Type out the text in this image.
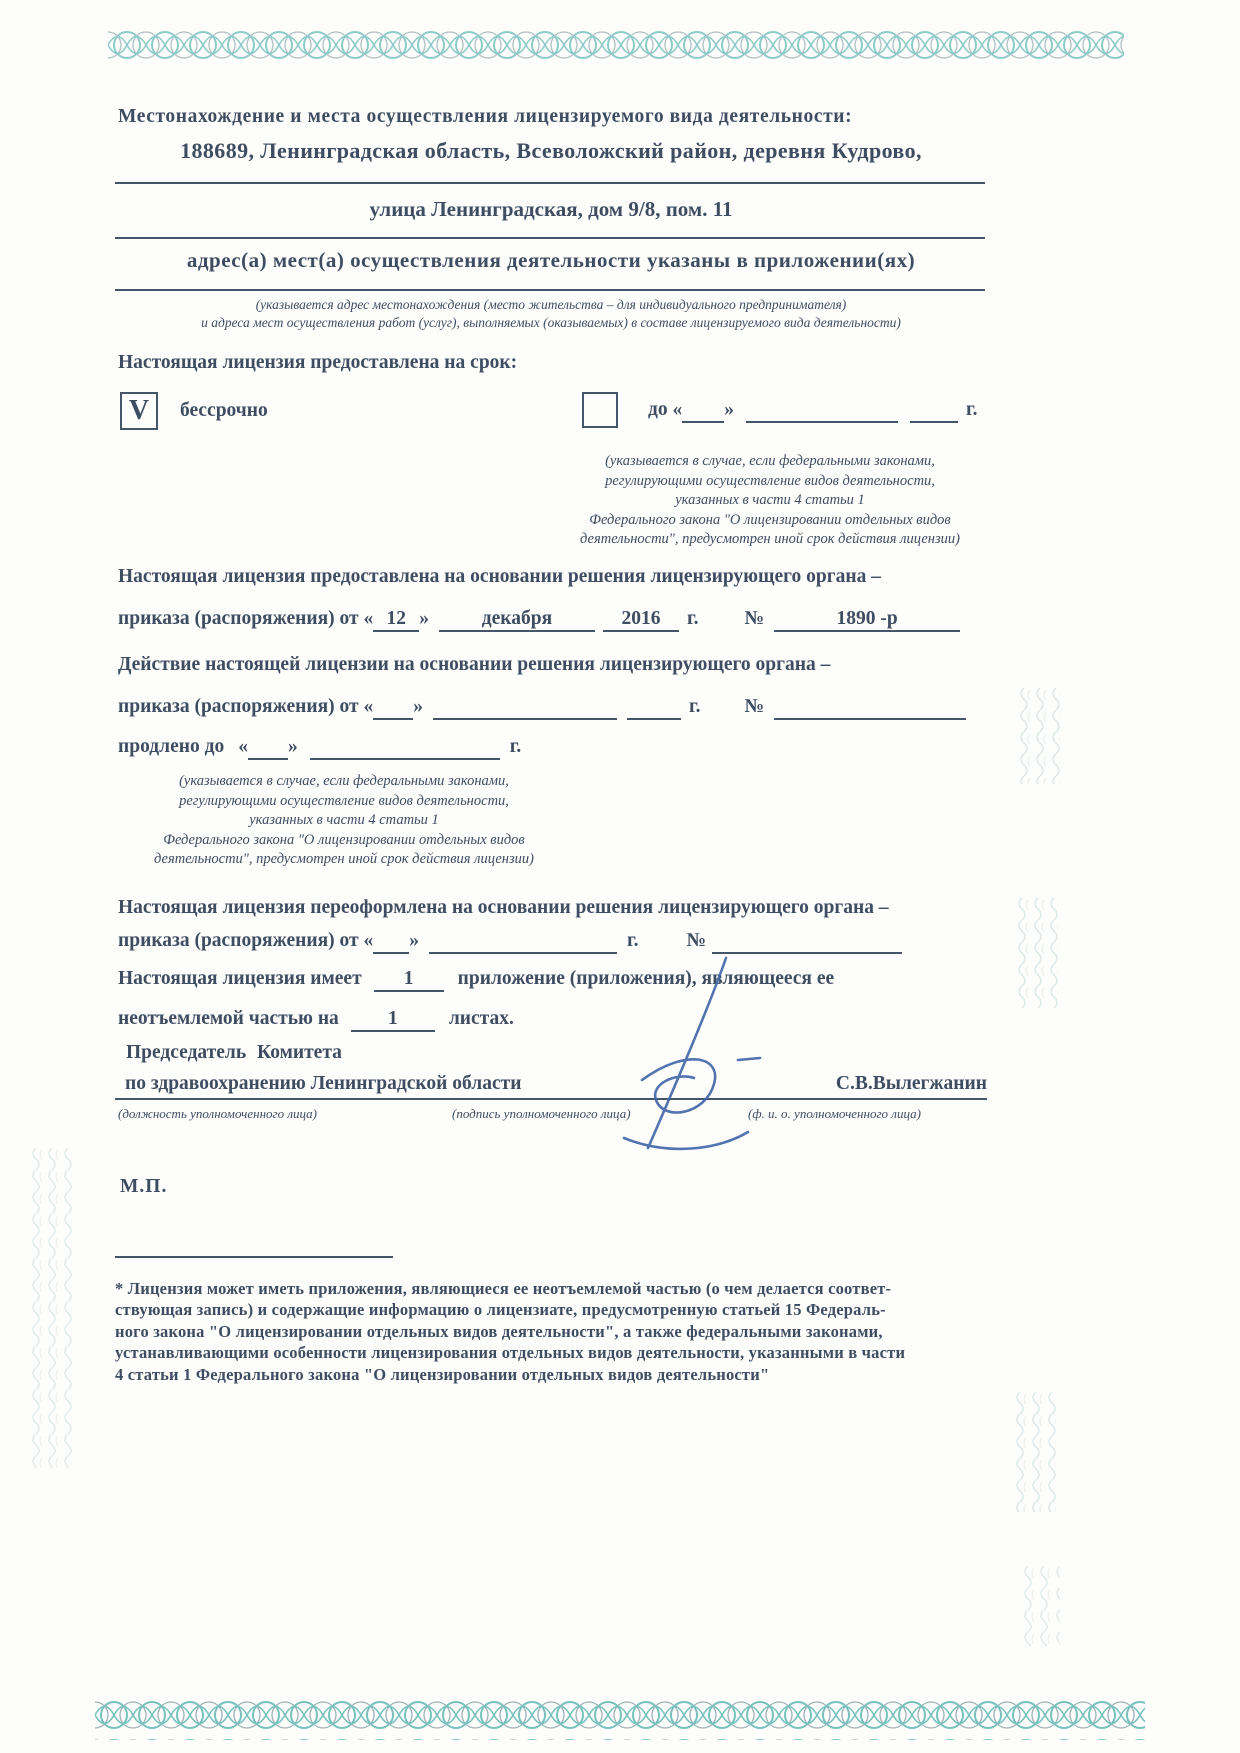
Местонахождение и места осуществления лицензируемого вида деятельности:
188689, Ленинградская область, Всеволожский район, деревня Кудрово,
улица Ленинградская, дом 9/8, пом. 11
адрес(а) мест(а) осуществления деятельности указаны в приложении(ях)
(указывается адрес местонахождения (место жительства – для индивидуального предпринимателя)
и адреса мест осуществления работ (услуг), выполняемых (оказываемых) в составе лицензируемого вида деятельности)
Настоящая лицензия предоставлена на срок:
V	бессрочно	до « »	г.
(указывается в случае, если федеральными законами,
регулирующими осуществление видов деятельности,
указанных в части 4 статьи 1
Федерального закона "О лицензировании отдельных видов
деятельности", предусмотрен иной срок действия лицензии)
Настоящая лицензия предоставлена на основании решения лицензирующего органа –
приказа (распоряжения) от « 12 »	декабря	2016 г. №	1890 -р
Действие настоящей лицензии на основании решения лицензирующего органа –
приказа (распоряжения) от « »	г. №
продлено до « »	г.
(указывается в случае, если федеральными законами,
регулирующими осуществление видов деятельности,
указанных в части 4 статьи 1
Федерального закона "О лицензировании отдельных видов
деятельности", предусмотрен иной срок действия лицензии)
Настоящая лицензия переоформлена на основании решения лицензирующего органа –
приказа (распоряжения) от « »	г. №
Настоящая лицензия имеет 1 приложение (приложения), являющееся ее
неотъемлемой частью на	1	листах.
Председатель Комитета
по здравоохранению Ленинградской области	С.В.Вылегжанин
(должность уполномоченного лица)	(подпись уполномоченного лица)	(ф. и. о. уполномоченного лица)
М.П.
* Лицензия может иметь приложения, являющиеся ее неотъемлемой частью (о чем делается соответ-
ствующая запись) и содержащие информацию о лицензиате, предусмотренную статьей 15 Федераль-
ного закона "О лицензировании отдельных видов деятельности", а также федеральными законами,
устанавливающими особенности лицензирования отдельных видов деятельности, указанными в части
4 статьи 1 Федерального закона "О лицензировании отдельных видов деятельности"
